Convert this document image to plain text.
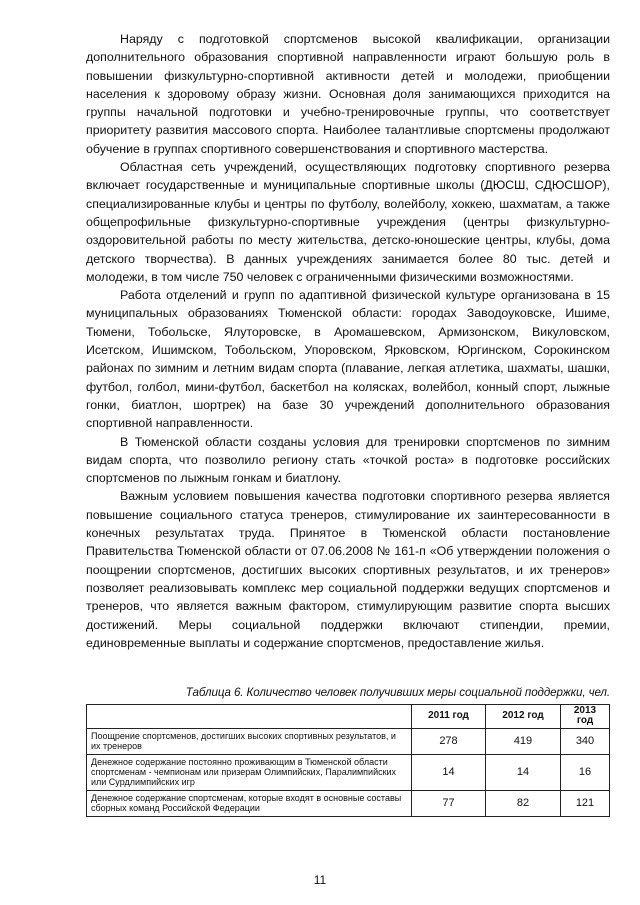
Наряду с подготовкой спортсменов высокой квалификации, организации дополнительного образования спортивной направленности играют большую роль в повышении физкультурно-спортивной активности детей и молодежи, приобщении населения к здоровому образу жизни. Основная доля занимающихся приходится на группы начальной подготовки и учебно-тренировочные группы, что соответствует приоритету развития массового спорта. Наиболее талантливые спортсмены продолжают обучение в группах спортивного совершенствования и спортивного мастерства.

Областная сеть учреждений, осуществляющих подготовку спортивного резерва включает государственные и муниципальные спортивные школы (ДЮСШ, СДЮСШОР), специализированные клубы и центры по футболу, волейболу, хоккею, шахматам, а также общепрофильные физкультурно-спортивные учреждения (центры физкультурно-оздоровительной работы по месту жительства, детско-юношеские центры, клубы, дома детского творчества). В данных учреждениях занимается более 80 тыс. детей и молодежи, в том числе 750 человек с ограниченными физическими возможностями.

Работа отделений и групп по адаптивной физической культуре организована в 15 муниципальных образованиях Тюменской области: городах Заводоуковске, Ишиме, Тюмени, Тобольске, Ялуторовске, в Аромашевском, Армизонском, Викуловском, Исетском, Ишимском, Тобольском, Упоровском, Ярковском, Юргинском, Сорокинском районах по зимним и летним видам спорта (плавание, легкая атлетика, шахматы, шашки, футбол, голбол, мини-футбол, баскетбол на колясках, волейбол, конный спорт, лыжные гонки, биатлон, шортрек) на базе 30 учреждений дополнительного образования спортивной направленности.

В Тюменской области созданы условия для тренировки спортсменов по зимним видам спорта, что позволило региону стать «точкой роста» в подготовке российских спортсменов по лыжным гонкам и биатлону.

Важным условием повышения качества подготовки спортивного резерва является повышение социального статуса тренеров, стимулирование их заинтересованности в конечных результатах труда. Принятое в Тюменской области постановление Правительства Тюменской области от 07.06.2008 № 161-п «Об утверждении положения о поощрении спортсменов, достигших высоких спортивных результатов, и их тренеров» позволяет реализовывать комплекс мер социальной поддержки ведущих спортсменов и тренеров, что является важным фактором, стимулирующим развитие спорта высших достижений. Меры социальной поддержки включают стипендии, премии, единовременные выплаты и содержание спортсменов, предоставление жилья.

Таблица 6. Количество человек получивших меры социальной поддержки, чел.
	2011 год	2012 год	2013 год
Поощрение спортсменов, достигших высоких спортивных результатов, и их тренеров	278	419	340
Денежное содержание постоянно проживающим в Тюменской области спортсменам - чемпионам или призерам Олимпийских, Паралимпийских или Сурдлимпийских игр	14	14	16
Денежное содержание спортсменам, которые входят в основные составы сборных команд Российской Федерации	77	82	121
11
